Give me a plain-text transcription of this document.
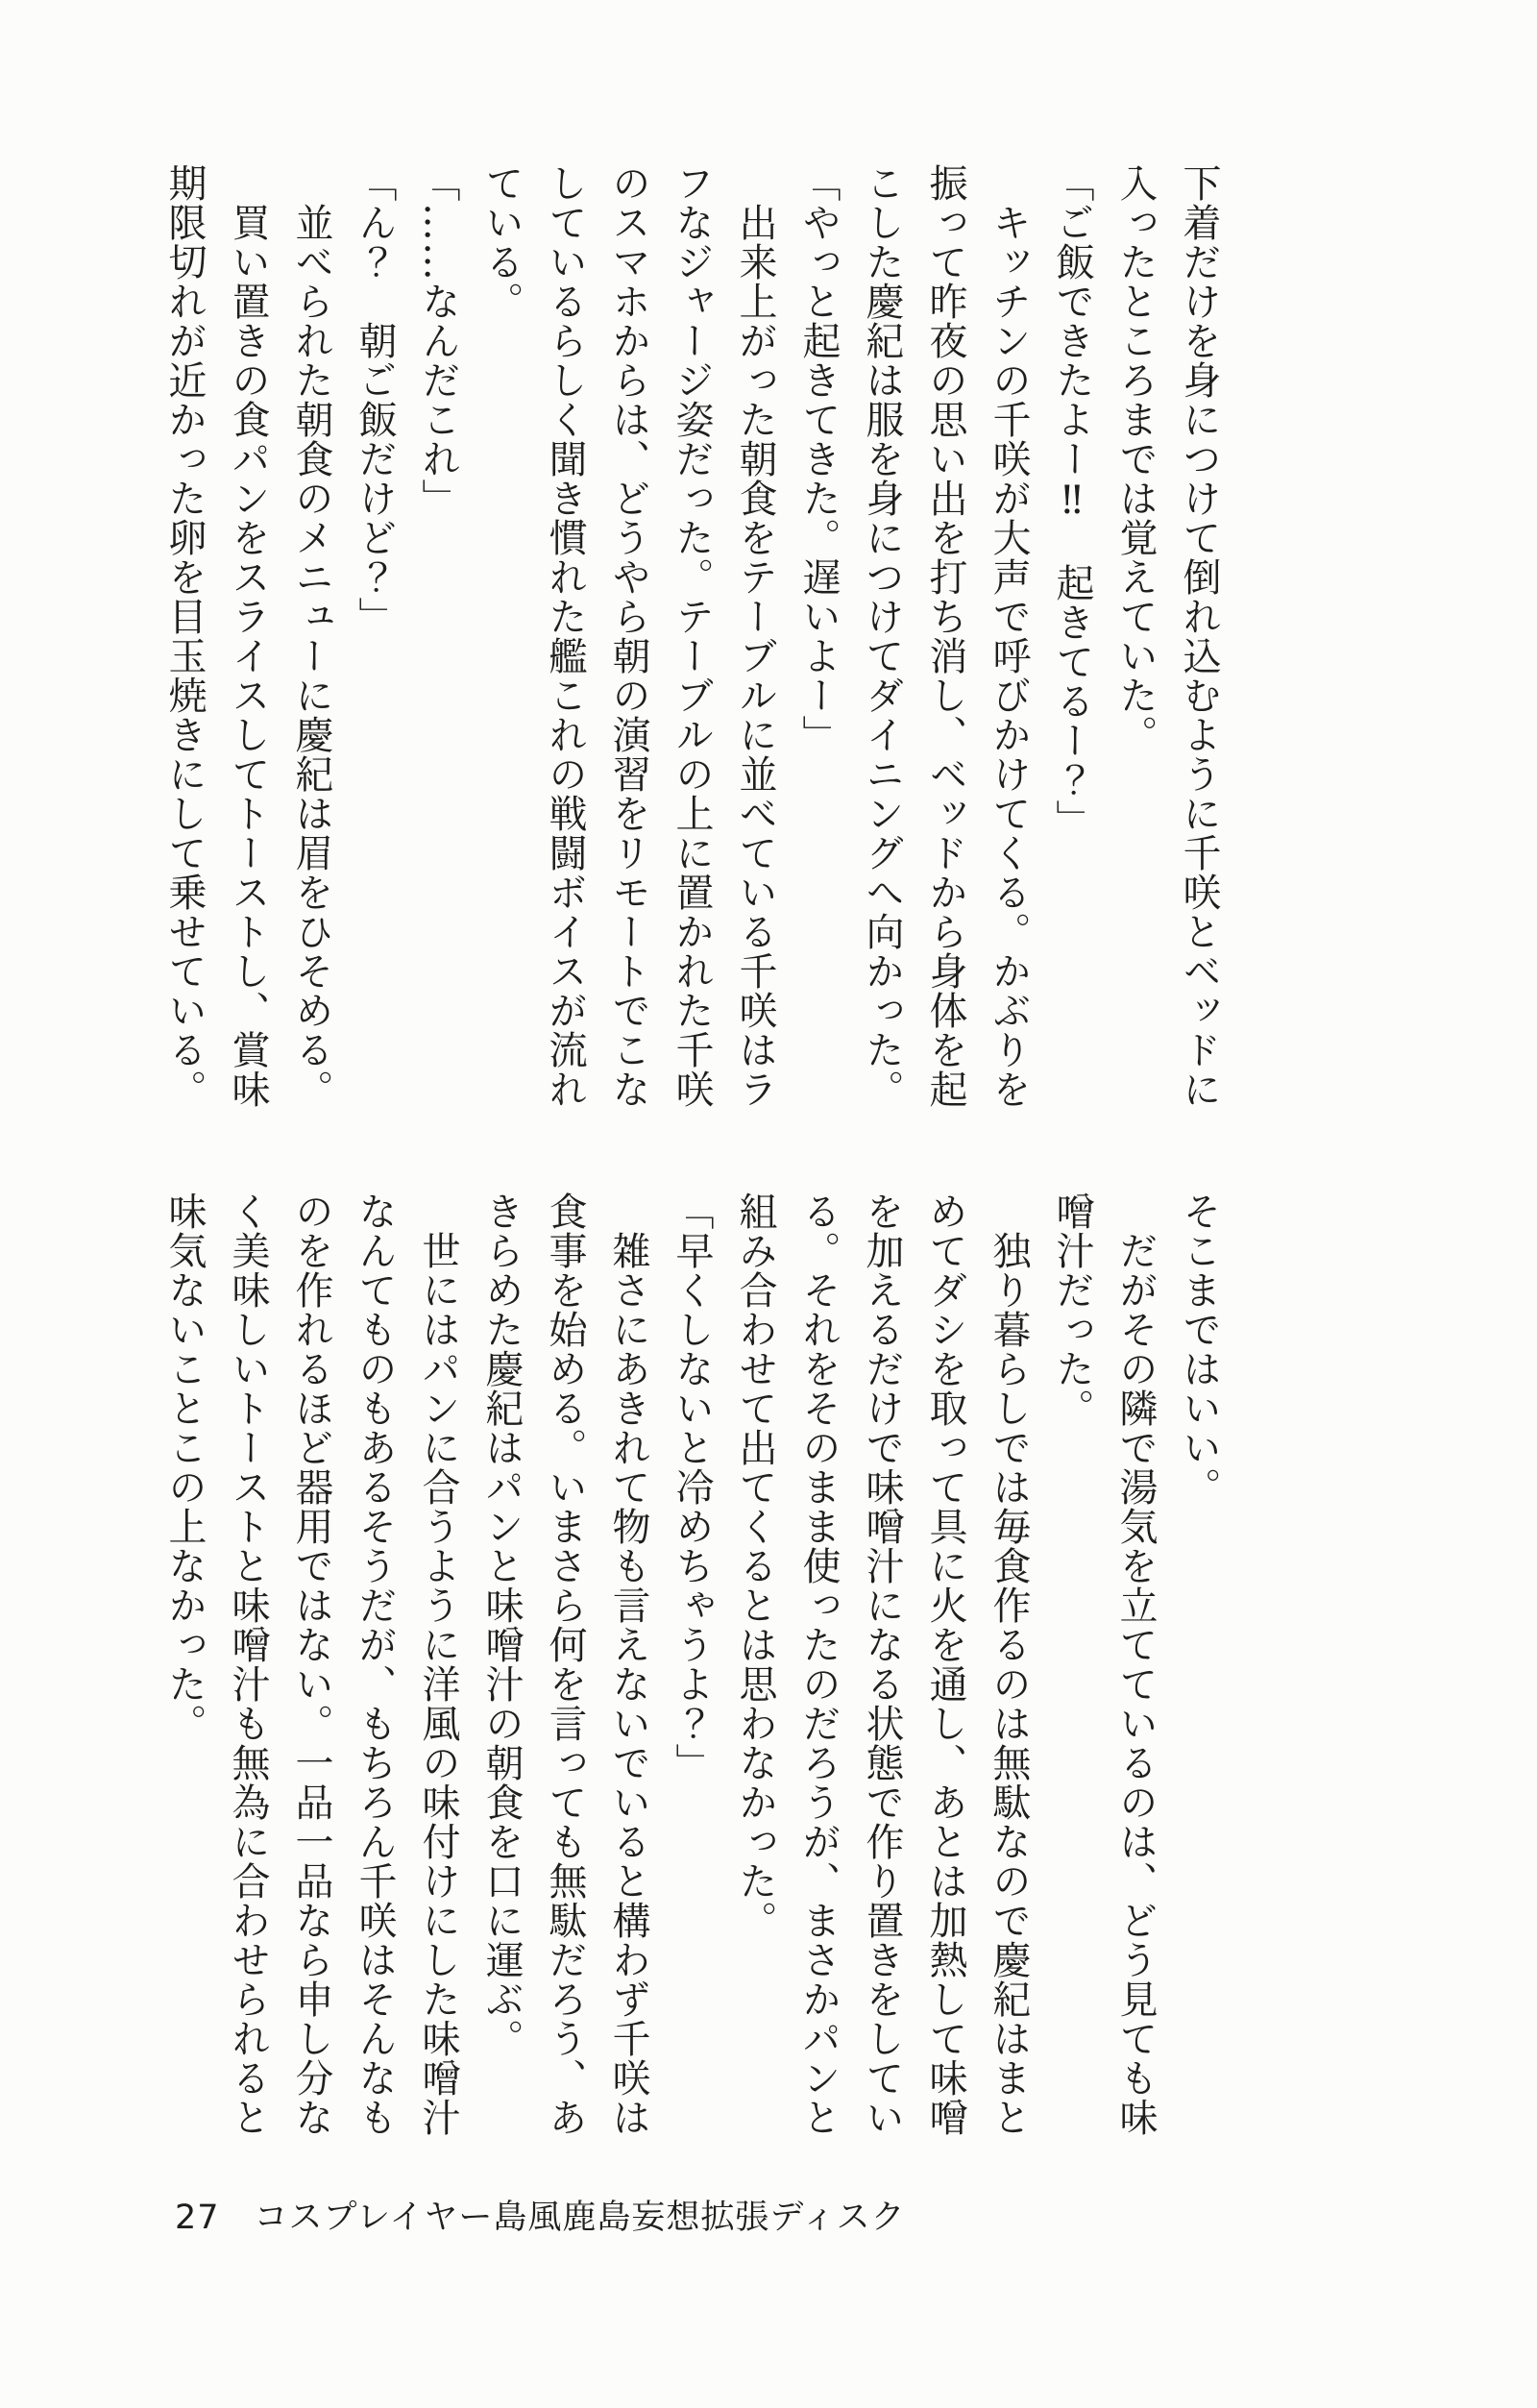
下着だけを身につけて倒れ込むように千咲とベッドに入ったところまでは覚えていた。

「ご飯できたよー‼　起きてるー？」

キッチンの千咲が大声で呼びかけてくる。かぶりを振って昨夜の思い出を打ち消し、ベッドから身体を起こした慶紀は服を身につけてダイニングへ向かった。

「やっと起きてきた。遅いよー」

出来上がった朝食をテーブルに並べている千咲はラフなジャージ姿だった。テーブルの上に置かれた千咲のスマホからは、どうやら朝の演習をリモートでこなしているらしく聞き慣れた艦これの戦闘ボイスが流れている。

「……なんだこれ」

「ん？　朝ご飯だけど？」

並べられた朝食のメニューに慶紀は眉をひそめる。

買い置きの食パンをスライスしてトーストし、賞味期限切れが近かった卵を目玉焼きにして乗せている。

そこまではいい。

だがその隣で湯気を立てているのは、どう見ても味噌汁だった。

独り暮らしでは毎食作るのは無駄なので慶紀はまとめてダシを取って具に火を通し、あとは加熱して味噌を加えるだけで味噌汁になる状態で作り置きをしている。それをそのまま使ったのだろうが、まさかパンと組み合わせて出てくるとは思わなかった。

「早くしないと冷めちゃうよ？」

雑さにあきれて物も言えないでいると構わず千咲は食事を始める。いまさら何を言っても無駄だろう、あきらめた慶紀はパンと味噌汁の朝食を口に運ぶ。

世にはパンに合うように洋風の味付けにした味噌汁なんてものもあるそうだが、もちろん千咲はそんなものを作れるほど器用ではない。一品一品なら申し分なく美味しいトーストと味噌汁も無為に合わせられると味気ないことこの上なかった。

27 コスプレイヤー島風鹿島妄想拡張ディスク
